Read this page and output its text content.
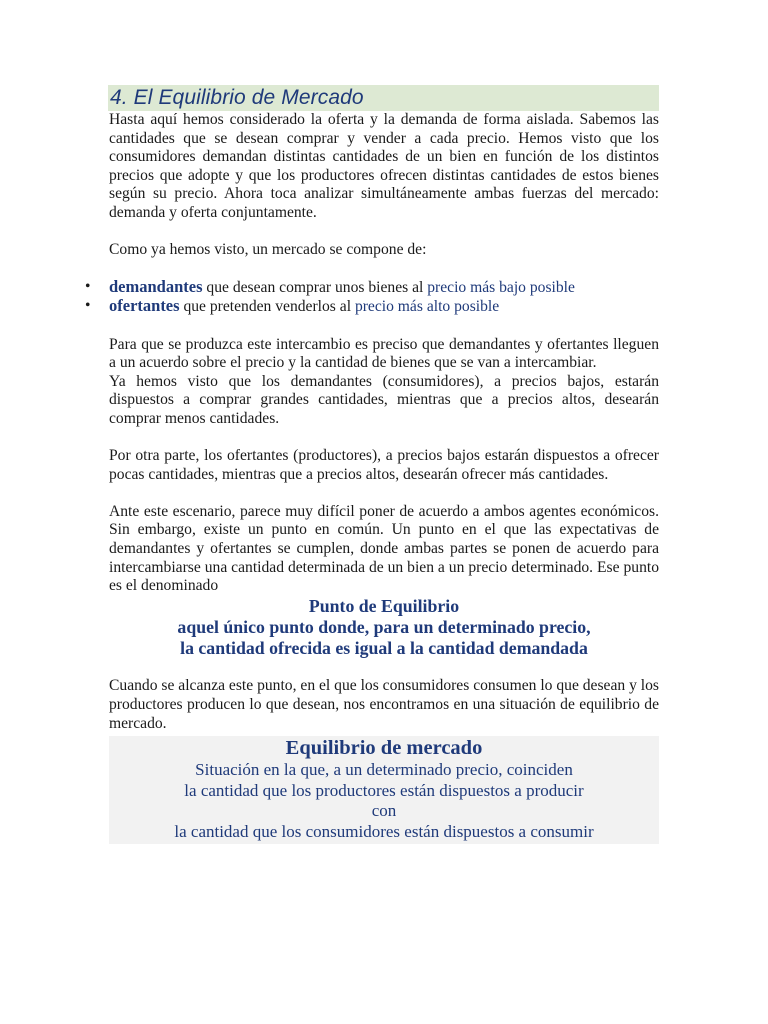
4. El Equilibrio de Mercado

Hasta aquí hemos considerado la oferta y la demanda de forma aislada. Sabemos las cantidades que se desean comprar y vender a cada precio. Hemos visto que los consumidores demandan distintas cantidades de un bien en función de los distintos precios que adopte y que los productores ofrecen distintas cantidades de estos bienes según su precio. Ahora toca analizar simultáneamente ambas fuerzas del mercado: demanda y oferta conjuntamente.

Como ya hemos visto, un mercado se compone de:

• demandantes que desean comprar unos bienes al precio más bajo posible
• ofertantes que pretenden venderlos al precio más alto posible

Para que se produzca este intercambio es preciso que demandantes y ofertantes lleguen a un acuerdo sobre el precio y la cantidad de bienes que se van a intercambiar.

Ya hemos visto que los demandantes (consumidores), a precios bajos, estarán dispuestos a comprar grandes cantidades, mientras que a precios altos, desearán comprar menos cantidades.

Por otra parte, los ofertantes (productores), a precios bajos estarán dispuestos a ofrecer pocas cantidades, mientras que a precios altos, desearán ofrecer más cantidades.

Ante este escenario, parece muy difícil poner de acuerdo a ambos agentes económicos. Sin embargo, existe un punto en común. Un punto en el que las expectativas de demandantes y ofertantes se cumplen, donde ambas partes se ponen de acuerdo para intercambiarse una cantidad determinada de un bien a un precio determinado. Ese punto es el denominado

Punto de Equilibrio
aquel único punto donde, para un determinado precio,
la cantidad ofrecida es igual a la cantidad demandada

Cuando se alcanza este punto, en el que los consumidores consumen lo que desean y los productores producen lo que desean, nos encontramos en una situación de equilibrio de mercado.

Equilibrio de mercado
Situación en la que, a un determinado precio, coinciden
la cantidad que los productores están dispuestos a producir
con
la cantidad que los consumidores están dispuestos a consumir
